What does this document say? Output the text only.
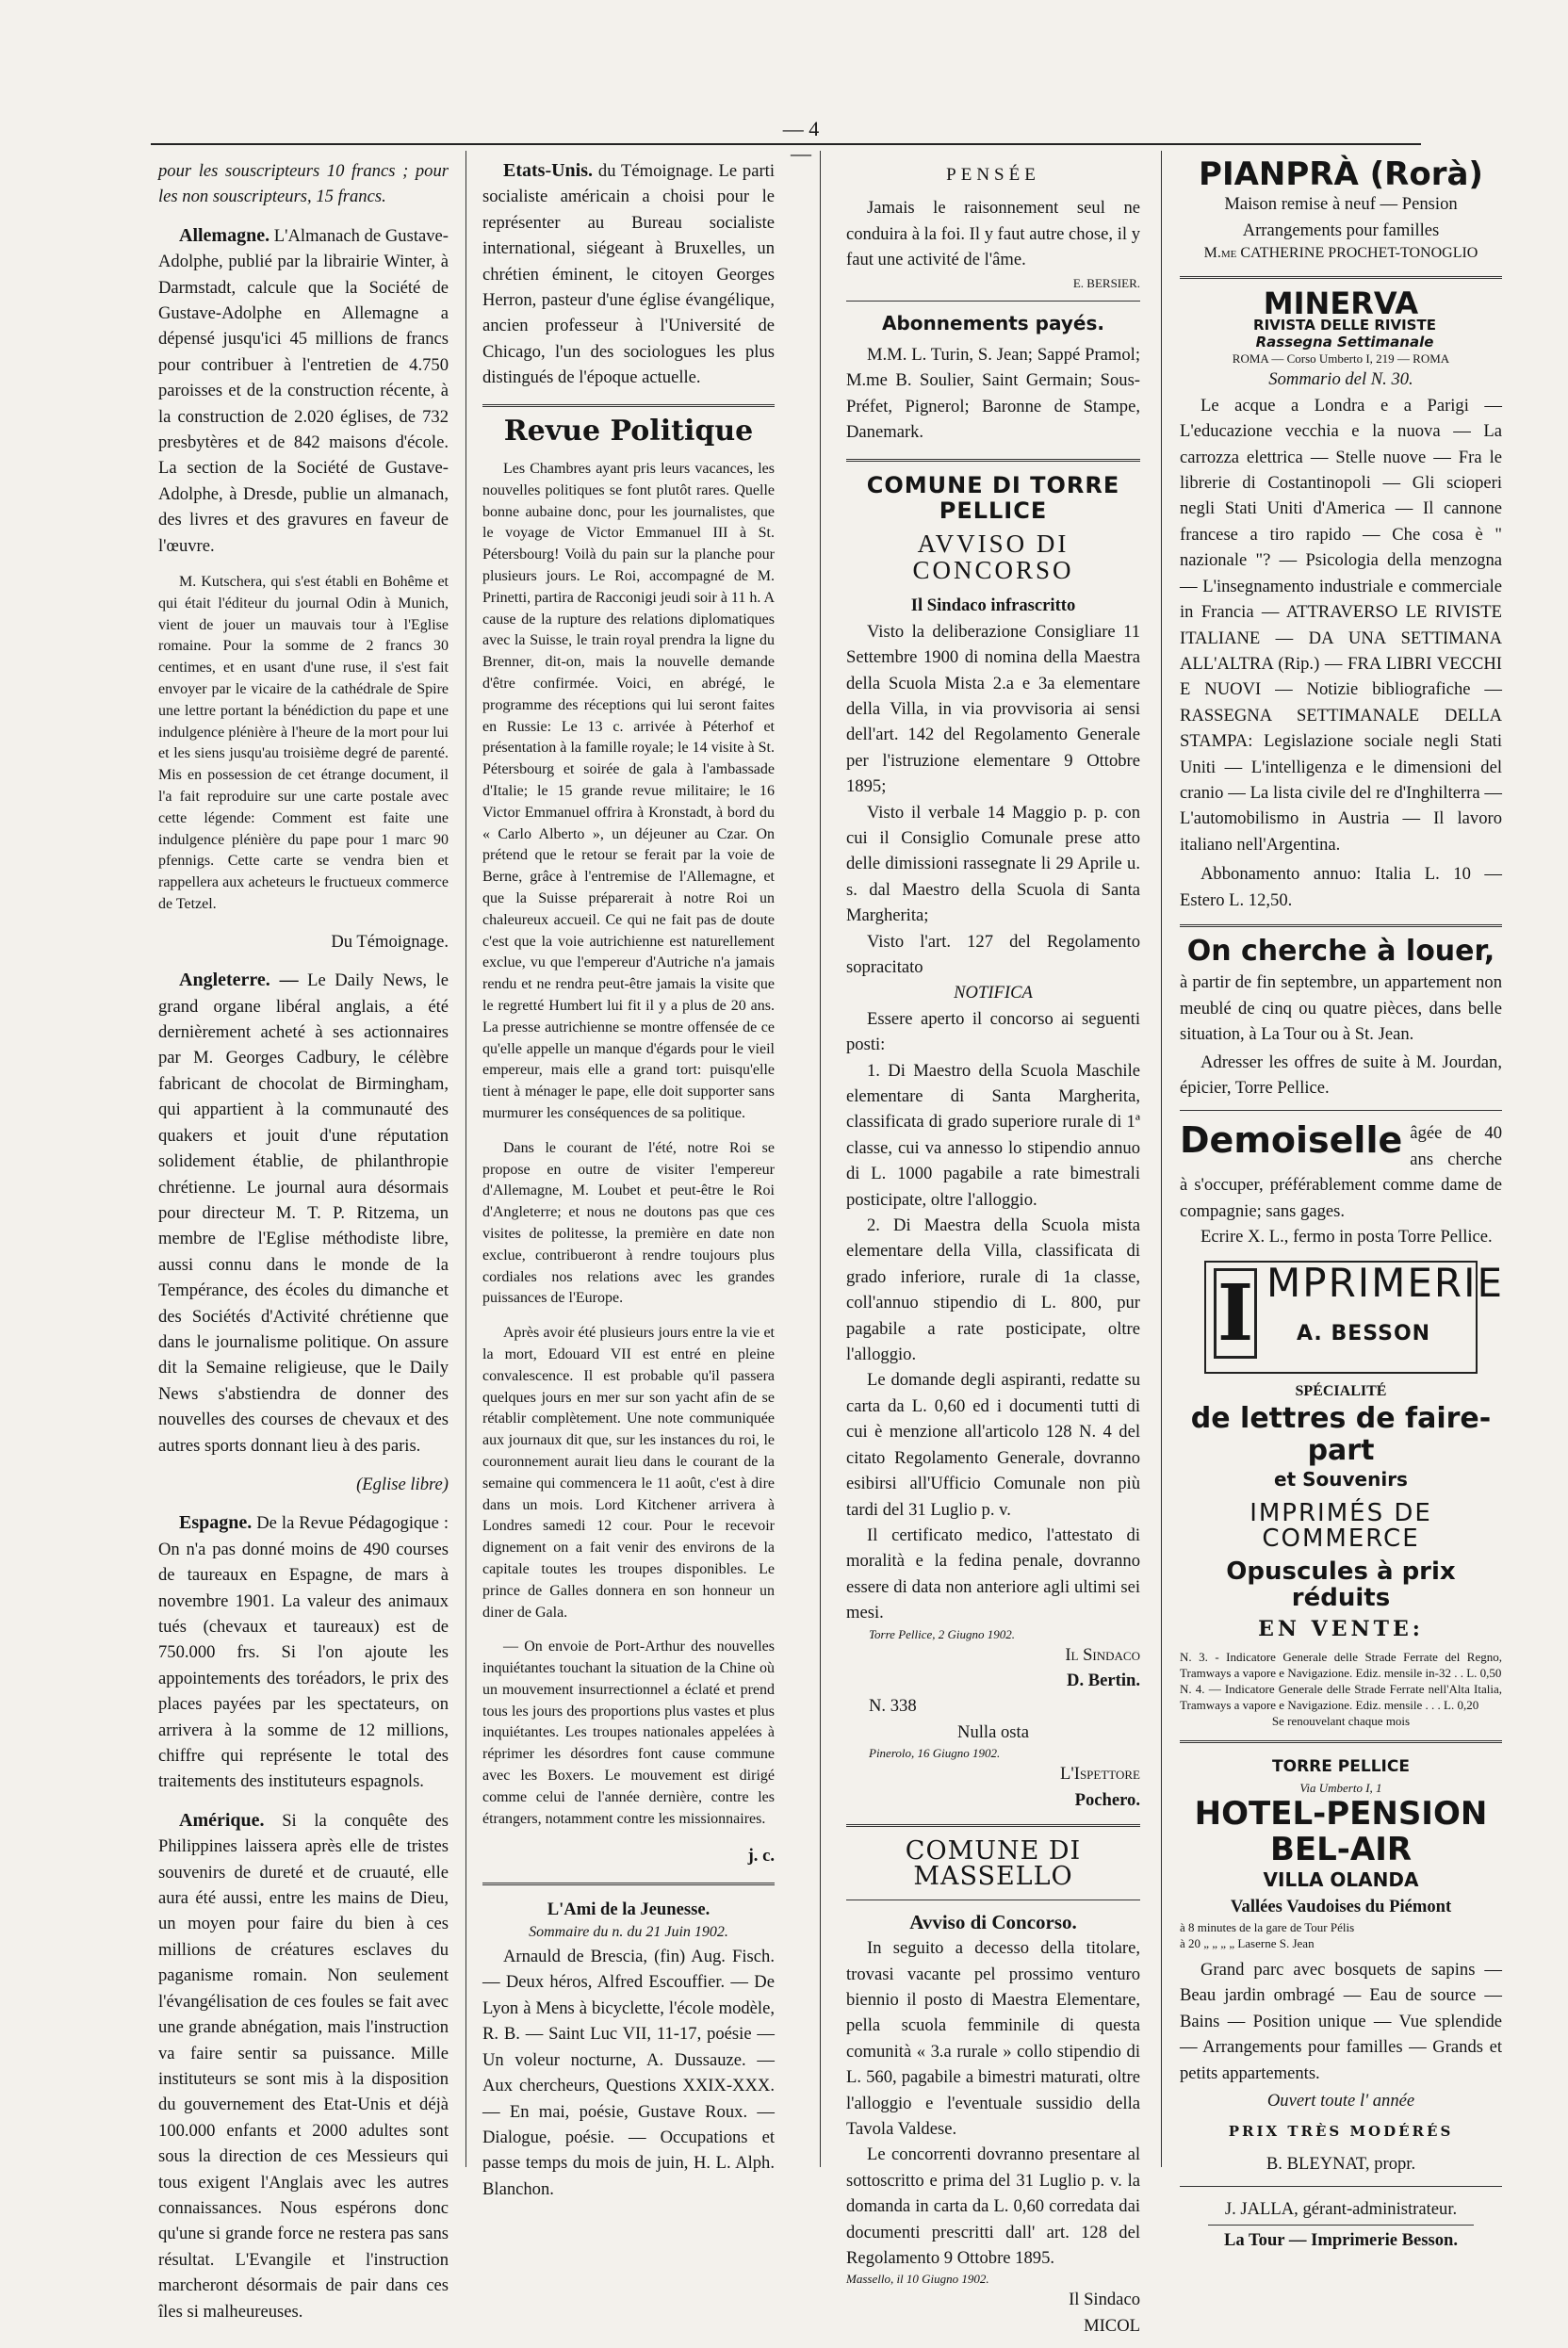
— 4 —

pour les souscripteurs 10 francs ; pour les non souscripteurs, 15 francs.

Allemagne. L'Almanach de Gustave-Adolphe, publié par la librairie Winter, à Darmstadt, calcule que la Société de Gustave-Adolphe en Allemagne a dépensé jusqu'ici 45 millions de francs pour contribuer à l'entretien de 4.750 paroisses et de la construction récente, à la construction de 2.020 églises, de 732 presbytères et de 842 maisons d'école. La section de la Société de Gustave-Adolphe, à Dresde, publie un almanach, des livres et des gravures en faveur de l'œuvre.

M. Kutschera, qui s'est établi en Bohême et qui était l'éditeur du journal Odin à Munich, vient de jouer un mauvais tour à l'Eglise romaine. Pour la somme de 2 francs 30 centimes, et en usant d'une ruse, il s'est fait envoyer par le vicaire de la cathédrale de Spire une lettre portant la bénédiction du pape et une indulgence plénière à l'heure de la mort pour lui et les siens jusqu'au troisième degré de parenté. Mis en possession de cet étrange document, il l'a fait reproduire sur une carte postale avec cette légende: Comment est faite une indulgence plénière du pape pour 1 marc 90 pfennigs. Cette carte se vendra bien et rappellera aux acheteurs le fructueux commerce de Tetzel.

Du Témoignage.

Angleterre. — Le Daily News, le grand organe libéral anglais, a été dernièrement acheté à ses actionnaires par M. Georges Cadbury, le célèbre fabricant de chocolat de Birmingham, qui appartient à la communauté des quakers et jouit d'une réputation solidement établie, de philanthropie chrétienne. Le journal aura désormais pour directeur M. T. P. Ritzema, un membre de l'Eglise méthodiste libre, aussi connu dans le monde de la Tempérance, des écoles du dimanche et des Sociétés d'Activité chrétienne que dans le journalisme politique. On assure dit la Semaine religieuse, que le Daily News s'abstiendra de donner des nouvelles des courses de chevaux et des autres sports donnant lieu à des paris.

(Eglise libre)

Espagne. De la Revue Pédagogique : On n'a pas donné moins de 490 courses de taureaux en Espagne, de mars à novembre 1901. La valeur des animaux tués (chevaux et taureaux) est de 750.000 frs. Si l'on ajoute les appointements des toréadors, le prix des places payées par les spectateurs, on arrivera à la somme de 12 millions, chiffre qui représente le total des traitements des instituteurs espagnols.

Amérique. Si la conquête des Philippines laissera après elle de tristes souvenirs de dureté et de cruauté, elle aura été aussi, entre les mains de Dieu, un moyen pour faire du bien à ces millions de créatures esclaves du paganisme romain. Non seulement l'évangélisation de ces foules se fait avec une grande abnégation, mais l'instruction va faire sentir sa puissance. Mille instituteurs se sont mis à la disposition du gouvernement des Etat-Unis et déjà 100.000 enfants et 2000 adultes sont sous la direction de ces Messieurs qui tous exigent l'Anglais avec les autres connaissances. Nous espérons donc qu'une si grande force ne restera pas sans résultat. L'Evangile et l'instruction marcheront désormais de pair dans ces îles si malheureuses.

Etats-Unis. du Témoignage. Le parti socialiste américain a choisi pour le représenter au Bureau socialiste international, siégeant à Bruxelles, un chrétien éminent, le citoyen Georges Herron, pasteur d'une église évangélique, ancien professeur à l'Université de Chicago, l'un des sociologues les plus distingués de l'époque actuelle.

Revue Politique

Les Chambres ayant pris leurs vacances, les nouvelles politiques se font plutôt rares. Quelle bonne aubaine donc, pour les journalistes, que le voyage de Victor Emmanuel III à St. Pétersbourg! Voilà du pain sur la planche pour plusieurs jours. Le Roi, accompagné de M. Prinetti, partira de Racconigi jeudi soir à 11 h. A cause de la rupture des relations diplomatiques avec la Suisse, le train royal prendra la ligne du Brenner, dit-on, mais la nouvelle demande d'être confirmée. Voici, en abrégé, le programme des réceptions qui lui seront faites en Russie: Le 13 c. arrivée à Péterhof et présentation à la famille royale; le 14 visite à St. Pétersbourg et soirée de gala à l'ambassade d'Italie; le 15 grande revue militaire; le 16 Victor Emmanuel offrira à Kronstadt, à bord du « Carlo Alberto », un déjeuner au Czar. On prétend que le retour se ferait par la voie de Berne, grâce à l'entremise de l'Allemagne, et que la Suisse préparerait à notre Roi un chaleureux accueil. Ce qui ne fait pas de doute c'est que la voie autrichienne est naturellement exclue, vu que l'empereur d'Autriche n'a jamais rendu et ne rendra peut-être jamais la visite que le regretté Humbert lui fit il y a plus de 20 ans. La presse autrichienne se montre offensée de ce qu'elle appelle un manque d'égards pour le vieil empereur, mais elle a grand tort: puisqu'elle tient à ménager le pape, elle doit supporter sans murmurer les conséquences de sa politique.

Dans le courant de l'été, notre Roi se propose en outre de visiter l'empereur d'Allemagne, M. Loubet et peut-être le Roi d'Angleterre; et nous ne doutons pas que ces visites de politesse, la première en date non exclue, contribueront à rendre toujours plus cordiales nos relations avec les grandes puissances de l'Europe.

Après avoir été plusieurs jours entre la vie et la mort, Edouard VII est entré en pleine convalescence. Il est probable qu'il passera quelques jours en mer sur son yacht afin de se rétablir complètement. Une note communiquée aux journaux dit que, sur les instances du roi, le couronnement aurait lieu dans le courant de la semaine qui commencera le 11 août, c'est à dire dans un mois. Lord Kitchener arrivera à Londres samedi 12 cour. Pour le recevoir dignement on a fait venir des environs de la capitale toutes les troupes disponibles. Le prince de Galles donnera en son honneur un diner de Gala.

— On envoie de Port-Arthur des nouvelles inquiétantes touchant la situation de la Chine où un mouvement insurrectionnel a éclaté et prend tous les jours des proportions plus vastes et plus inquiétantes. Les troupes nationales appelées à réprimer les désordres font cause commune avec les Boxers. Le mouvement est dirigé comme celui de l'année dernière, contre les étrangers, notamment contre les missionnaires.

j. c.

L'Ami de la Jeunesse.
Sommaire du n. du 21 Juin 1902.

Arnauld de Brescia, (fin) Aug. Fisch. — Deux héros, Alfred Escouffier. — De Lyon à Mens à bicyclette, l'école modèle, R. B. — Saint Luc VII, 11-17, poésie — Un voleur nocturne, A. Dussauze. — Aux chercheurs, Questions XXIX-XXX. — En mai, poésie, Gustave Roux. — Dialogue, poésie. — Occupations et passe temps du mois de juin, H. L. Alph. Blanchon.

PENSÉE

Jamais le raisonnement seul ne conduira à la foi. Il y faut autre chose, il y faut une activité de l'âme.

E. BERSIER.
Abonnements payés.

M.M. L. Turin, S. Jean; Sappé Pramol; M.me B. Soulier, Saint Germain; Sous-Préfet, Pignerol; Baronne de Stampe, Danemark.

COMUNE DI TORRE PELLICE
AVVISO DI CONCORSO
Il Sindaco infrascritto

Visto la deliberazione Consigliare 11 Settembre 1900 di nomina della Maestra della Scuola Mista 2.a e 3a elementare della Villa, in via provvisoria ai sensi dell'art. 142 del Regolamento Generale per l'istruzione elementare 9 Ottobre 1895;

Visto il verbale 14 Maggio p. p. con cui il Consiglio Comunale prese atto delle dimissioni rassegnate li 29 Aprile u. s. dal Maestro della Scuola di Santa Margherita;

Visto l'art. 127 del Regolamento sopracitato

NOTIFICA

Essere aperto il concorso ai seguenti posti:

1. Di Maestro della Scuola Maschile elementare di Santa Margherita, classificata di grado superiore rurale di 1ª classe, cui va annesso lo stipendio annuo di L. 1000 pagabile a rate bimestrali posticipate, oltre l'alloggio.

2. Di Maestra della Scuola mista elementare della Villa, classificata di grado inferiore, rurale di 1a classe, coll'annuo stipendio di L. 800, pur pagabile a rate posticipate, oltre l'alloggio.

Le domande degli aspiranti, redatte su carta da L. 0,60 ed i documenti tutti di cui è menzione all'articolo 128 N. 4 del citato Regolamento Generale, dovranno esibirsi all'Ufficio Comunale non più tardi del 31 Luglio p. v.

Il certificato medico, l'attestato di moralità e la fedina penale, dovranno essere di data non anteriore agli ultimi sei mesi.

Torre Pellice, 2 Giugno 1902.
Il Sindaco
D. Bertin.
N. 338
Nulla osta
Pinerolo, 16 Giugno 1902.
L'Ispettore
Pochero.
COMUNE DI MASSELLO
Avviso di Concorso.

In seguito a decesso della titolare, trovasi vacante pel prossimo venturo biennio il posto di Maestra Elementare, pella scuola femminile di questa comunità « 3.a rurale » collo stipendio di L. 560, pagabile a bimestri maturati, oltre l'alloggio e l'eventuale sussidio della Tavola Valdese.

Le concorrenti dovranno presentare al sottoscritto e prima del 31 Luglio p. v. la domanda in carta da L. 0,60 corredata dai documenti prescritti dall' art. 128 del Regolamento 9 Ottobre 1895.

Massello, il 10 Giugno 1902.
Il Sindaco
MICOL
PIANPRÀ (Rorà)
Maison remise à neuf — Pension Arrangements pour familles
M.me CATHERINE PROCHET-TONOGLIO
MINERVA RIVISTA DELLE RIVISTE
Rassegna Settimanale
ROMA — Corso Umberto I, 219 — ROMA
Sommario del N. 30.

Le acque a Londra e a Parigi — L'educazione vecchia e la nuova — La carrozza elettrica — Stelle nuove — Fra le librerie di Costantinopoli — Gli scioperi negli Stati Uniti d'America — Il cannone francese a tiro rapido — Che cosa è " nazionale "? — Psicologia della menzogna — L'insegnamento industriale e commerciale in Francia — ATTRAVERSO LE RIVISTE ITALIANE — DA UNA SETTIMANA ALL'ALTRA (Rip.) — FRA LIBRI VECCHI E NUOVI — Notizie bibliografiche — RASSEGNA SETTIMANALE DELLA STAMPA: Legislazione sociale negli Stati Uniti — L'intelligenza e le dimensioni del cranio — La lista civile del re d'Inghilterra — L'automobilismo in Austria — Il lavoro italiano nell'Argentina.

Abbonamento annuo: Italia L. 10 — Estero L. 12,50.

On cherche à louer,

à partir de fin septembre, un appartement non meublé de cinq ou quatre pièces, dans belle situation, à La Tour ou à St. Jean.

Adresser les offres de suite à M. Jourdan, épicier, Torre Pellice.

Demoiselle âgée de 40 ans cherche à s'occuper, préférablement comme dame de compagnie; sans gages.

Ecrire X. L., fermo in posta Torre Pellice.

I MPRIMERIE
A. BESSON
SPÉCIALITÉ
de lettres de faire-part
et Souvenirs
IMPRIMÉS DE COMMERCE
Opuscules à prix réduits
EN VENTE:
N. 3. - Indicatore Generale delle Strade Ferrate del Regno, Tramways a vapore e Navigazione. Ediz. mensile in-32 . . L. 0,50
N. 4. — Indicatore Generale delle Strade Ferrate nell'Alta Italia, Tramways a vapore e Navigazione. Ediz. mensile . . . L. 0,20
Se renouvelant chaque mois
TORRE PELLICE
Via Umberto I, 1
HOTEL-PENSION BEL-AIR
VILLA OLANDA
Vallées Vaudoises du Piémont
à 8 minutes de la gare de Tour Pélis
à 20 „ „ „ „ Laserne S. Jean

Grand parc avec bosquets de sapins — Beau jardin ombragé — Eau de source — Bains — Position unique — Vue splendide — Arrangements pour familles — Grands et petits appartements.

Ouvert toute l' année
PRIX TRÈS MODÉRÉS
B. BLEYNAT, propr.
J. JALLA, gérant-administrateur.
La Tour — Imprimerie Besson.
